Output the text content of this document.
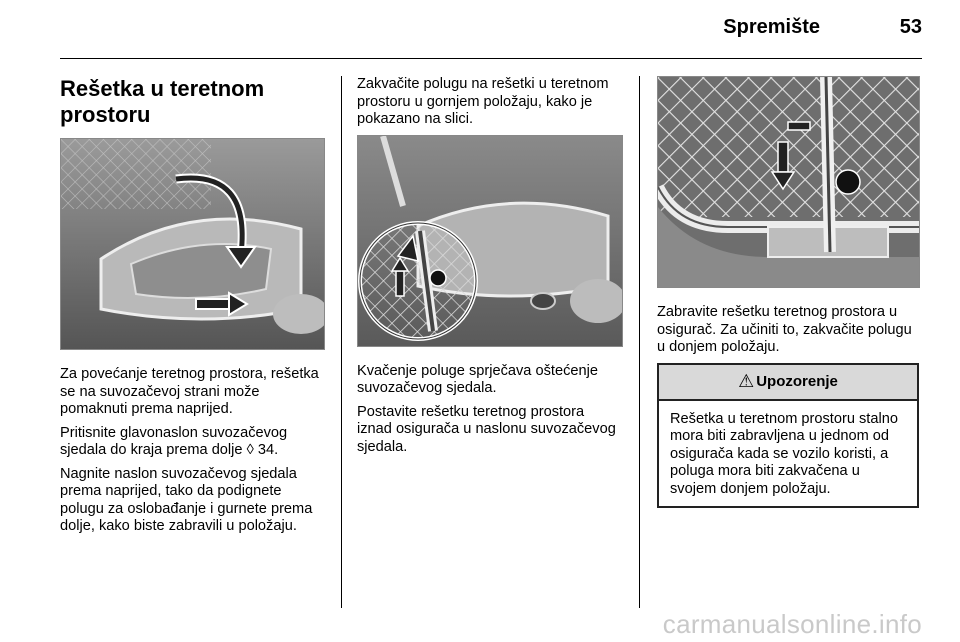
Spremište	53
Rešetka u teretnom prostoru

Za povećanje teretnog prostora, rešetka se na suvozačevoj strani može pomaknuti prema naprijed.

Pritisnite glavonaslon suvozačevog sjedala do kraja prema dolje ◊ 34.

Nagnite naslon suvozačevog sjedala prema naprijed, tako da podignete polugu za oslobađanje i gurnete prema dolje, kako biste zabravili u položaju.

Zakvačite polugu na rešetki u teretnom prostoru u gornjem položaju, kako je pokazano na slici.

Kvačenje poluge sprječava oštećenje suvozačevog sjedala.

Postavite rešetku teretnog prostora iznad osigurača u naslonu suvozačevog sjedala.

Zabravite rešetku teretnog prostora u osigurač. Za učiniti to, zakvačite polugu u donjem položaju.

⚠ Upozorenje

Rešetka u teretnom prostoru stalno mora biti zabravljena u jednom od osigurača kada se vozilo koristi, a poluga mora biti zakvačena u svojem donjem položaju.

carmanualsonline.info
